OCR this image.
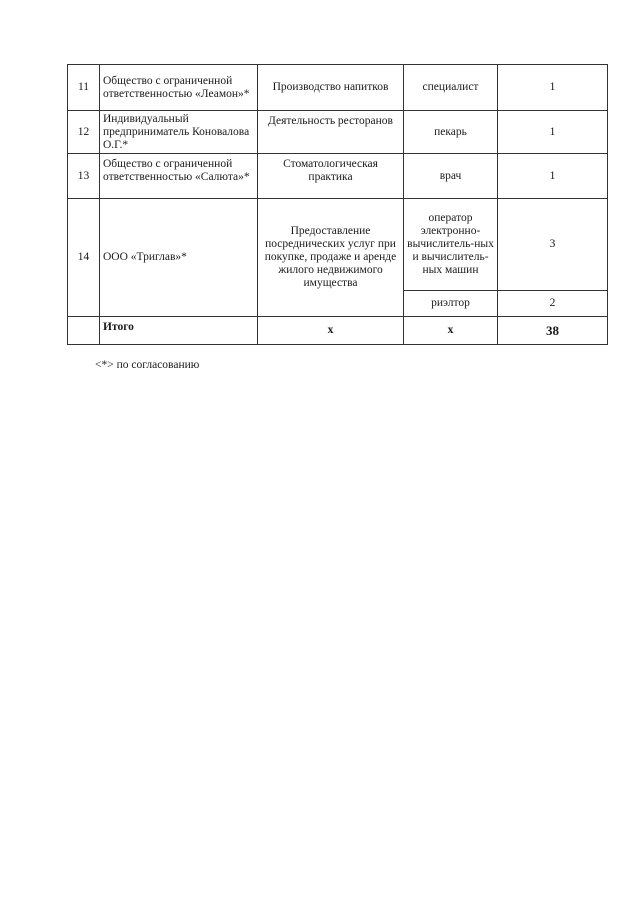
11	Общество с ограниченной ответственностью «Леамон»*	Производство напитков	специалист	1
12	Индивидуальный предприниматель Коновалова О.Г.*	Деятельность ресторанов	пекарь	1
13	Общество с ограниченной ответственностью «Салюта»*	Стоматологическая практика	врач	1
14	ООО «Триглав»*	Предоставление посреднических услуг при покупке, продаже и аренде жилого недвижимого имущества	оператор электронно-вычислитель-ных и вычислитель-ных машин	3
			риэлтор	2
	Итого	х	х	38
<*> по согласованию
